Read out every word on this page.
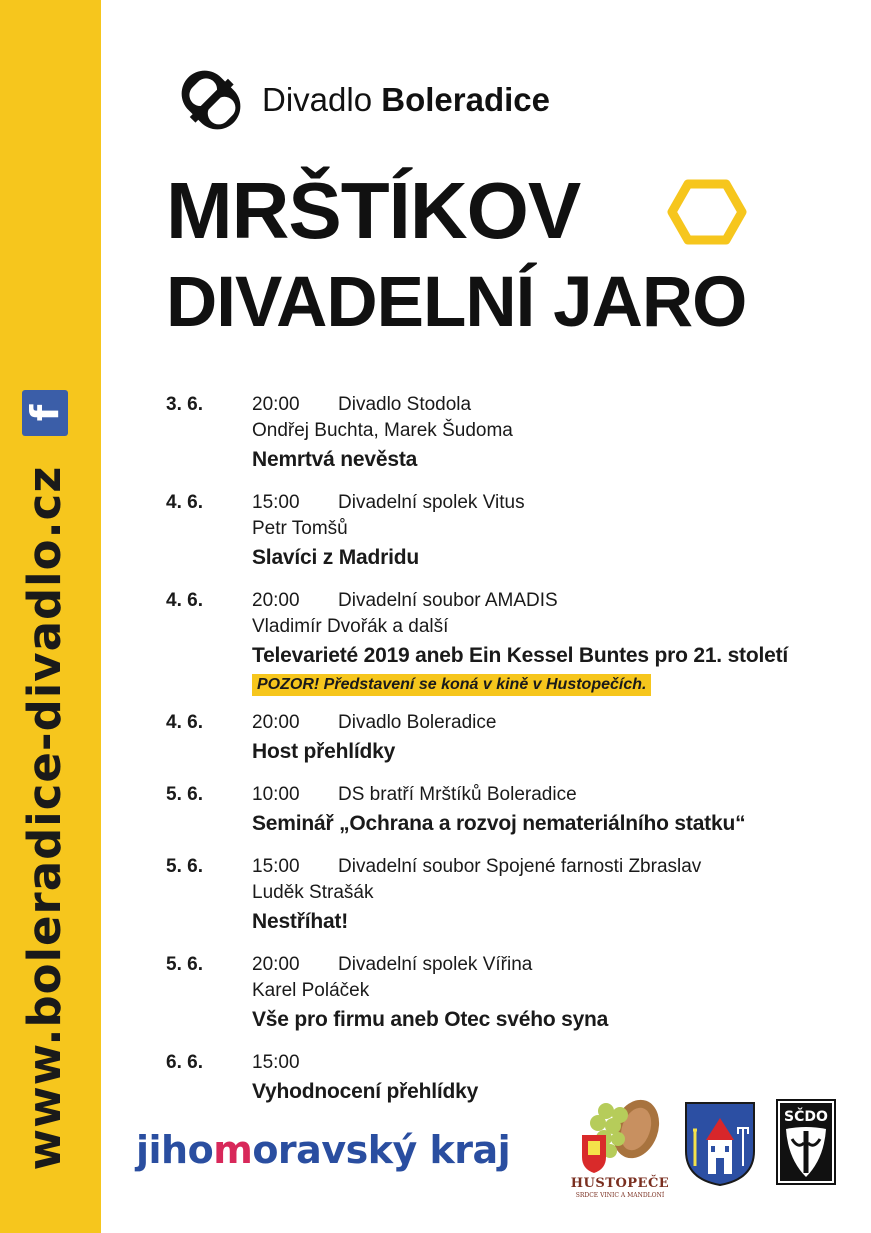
f
www.boleradice-divadlo.cz
Divadlo Boleradice
MRŠTÍKOV
DIVADELNÍ JARO
3. 6.	20:00 Divadlo Stodola
Ondřej Buchta, Marek Šudoma
Nemrtvá nevěsta
4. 6.	15:00 Divadelní spolek Vitus
Petr Tomšů
Slavíci z Madridu
4. 6.	20:00 Divadelní soubor AMADIS
Vladimír Dvořák a další
Televarieté 2019 aneb Ein Kessel Buntes pro 21. století
POZOR! Představení se koná v kině v Hustopečích.
4. 6.	20:00 Divadlo Boleradice
Host přehlídky
5. 6.	10:00 DS bratří Mrštíků Boleradice
Seminář „Ochrana a rozvoj nemateriálního statku“
5. 6.	15:00 Divadelní soubor Spojené farnosti Zbraslav
Luděk Strašák
Nestříhat!
5. 6.	20:00 Divadelní spolek Vířina
Karel Poláček
Vše pro firmu aneb Otec svého syna
6. 6.	15:00
Vyhodnocení přehlídky
jihomoravský kraj
HUSTOPEČE
SRDCE VINIC A MANDLONÍ
SČDO
